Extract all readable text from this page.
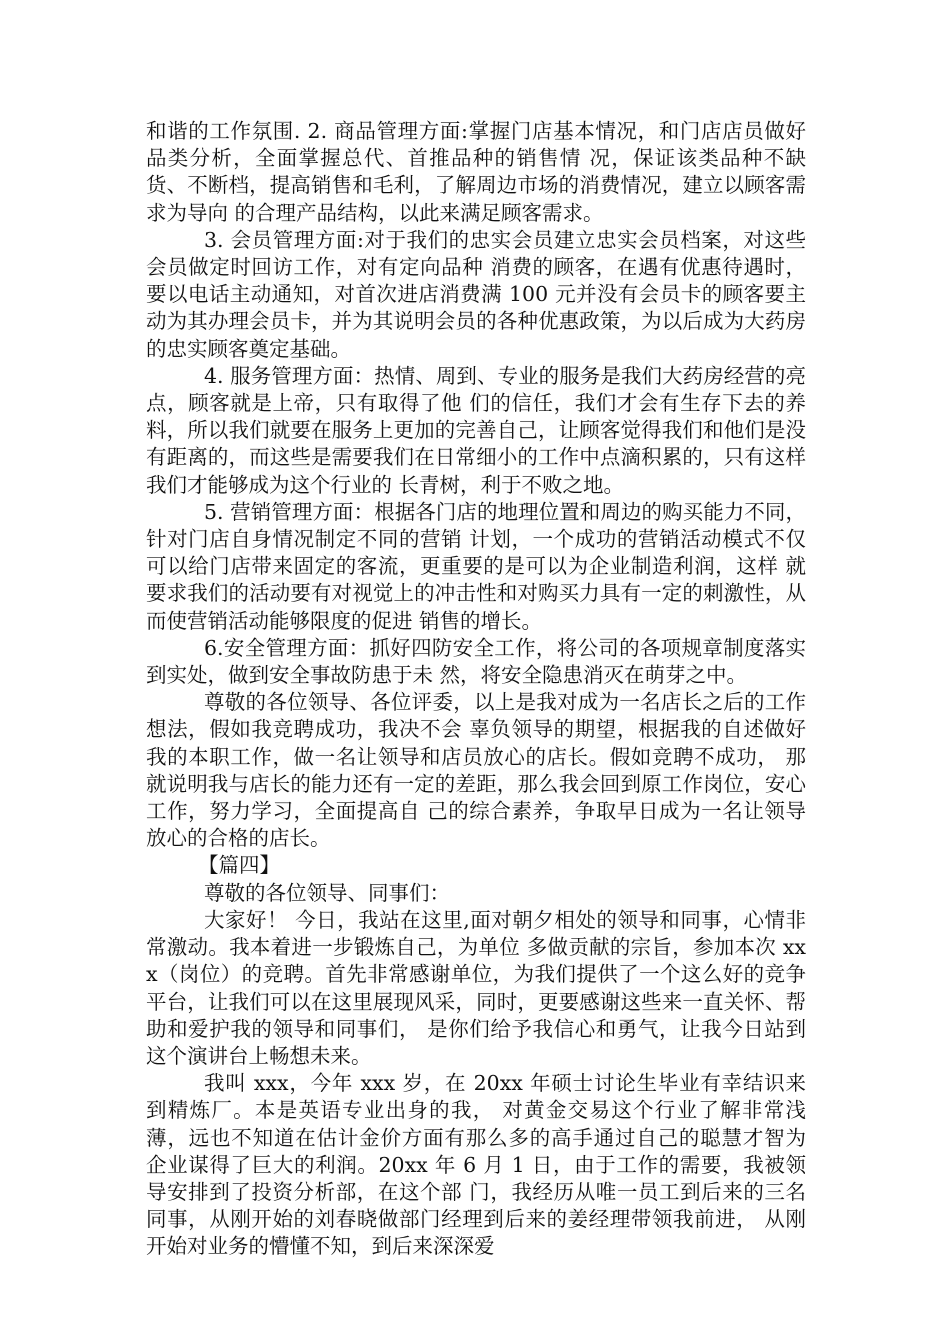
和谐的工作氛围. 2. 商品管理方面:掌握门店基本情况，和门店店员做好品类分析，全面掌握总代、首推品种的销售情 况，保证该类品种不缺货、不断档，提高销售和毛利，了解周边市场的消费情况，建立以顾客需求为导向 的合理产品结构，以此来满足顾客需求。

3. 会员管理方面:对于我们的忠实会员建立忠实会员档案，对这些会员做定时回访工作，对有定向品种 消费的顾客，在遇有优惠待遇时，要以电话主动通知，对首次进店消费满 100 元并没有会员卡的顾客要主 动为其办理会员卡，并为其说明会员的各种优惠政策，为以后成为大药房的忠实顾客奠定基础。

4. 服务管理方面：热情、周到、专业的服务是我们大药房经营的亮点，顾客就是上帝，只有取得了他 们的信任，我们才会有生存下去的养料，所以我们就要在服务上更加的完善自己，让顾客觉得我们和他们是没有距离的，而这些是需要我们在日常细小的工作中点滴积累的，只有这样我们才能够成为这个行业的 长青树，利于不败之地。

5. 营销管理方面：根据各门店的地理位置和周边的购买能力不同，针对门店自身情况制定不同的营销 计划，一个成功的营销活动模式不仅可以给门店带来固定的客流，更重要的是可以为企业制造利润，这样 就要求我们的活动要有对视觉上的冲击性和对购买力具有一定的刺激性，从而使营销活动能够限度的促进 销售的增长。

6.安全管理方面：抓好四防安全工作，将公司的各项规章制度落实到实处，做到安全事故防患于未 然，将安全隐患消灭在萌芽之中。

尊敬的各位领导、各位评委，以上是我对成为一名店长之后的工作想法，假如我竞聘成功，我决不会 辜负领导的期望，根据我的自述做好我的本职工作，做一名让领导和店员放心的店长。假如竞聘不成功， 那就说明我与店长的能力还有一定的差距，那么我会回到原工作岗位，安心工作，努力学习，全面提高自 己的综合素养，争取早日成为一名让领导放心的合格的店长。

【篇四】

尊敬的各位领导、同事们：

大家好！ 今日，我站在这里,面对朝夕相处的领导和同事，心情非常激动。我本着进一步锻炼自己，为单位 多做贡献的宗旨，参加本次 xxx（岗位）的竞聘。首先非常感谢单位，为我们提供了一个这么好的竞争 平台，让我们可以在这里展现风采，同时，更要感谢这些来一直关怀、帮助和爱护我的领导和同事们， 是你们给予我信心和勇气，让我今日站到这个演讲台上畅想未来。

我叫 xxx，今年 xxx 岁，在 20xx 年硕士讨论生毕业有幸结识来到精炼厂。本是英语专业出身的我， 对黄金交易这个行业了解非常浅薄，远也不知道在估计金价方面有那么多的高手通过自己的聪慧才智为 企业谋得了巨大的利润。20xx 年 6 月 1 日，由于工作的需要，我被领导安排到了投资分析部，在这个部 门，我经历从唯一员工到后来的三名同事，从刚开始的刘春晓做部门经理到后来的姜经理带领我前进， 从刚开始对业务的懵懂不知，到后来深深爱
